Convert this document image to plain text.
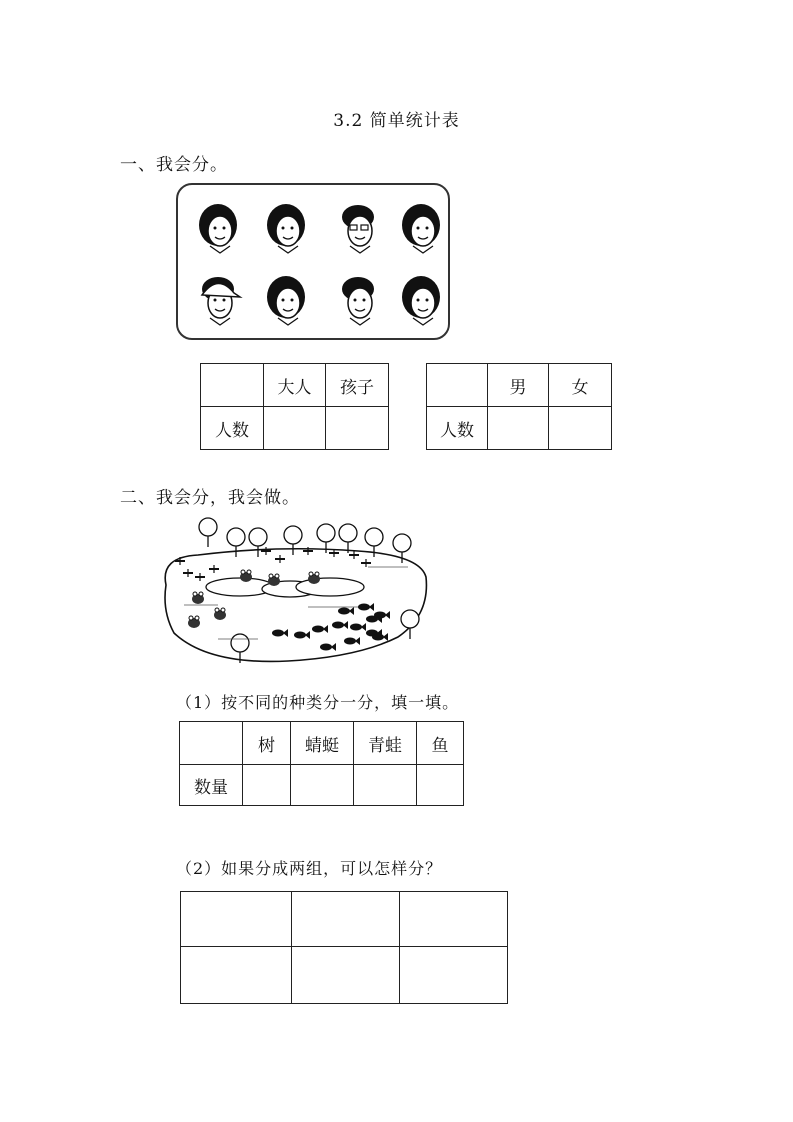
3.2 简单统计表
一、我会分。
	大人	孩子
人数		
	男	女
人数		
二、我会分，我会做。
（1）按不同的种类分一分，填一填。
	树	蜻蜓	青蛙	鱼
数量				
（2）如果分成两组，可以怎样分？
